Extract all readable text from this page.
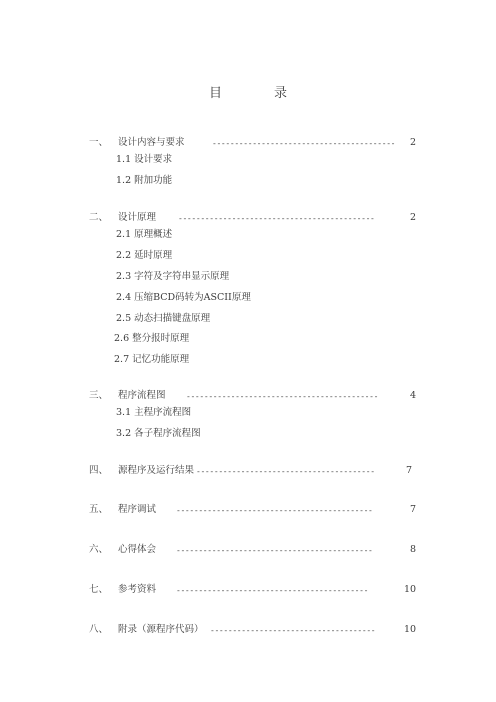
目	录
一、 设计内容与要求	-----------------------------------------	2
1.1 设计要求
1.2 附加功能
二、 设计原理	--------------------------------------------	2
2.1 原理概述
2.2 延时原理
2.3 字符及字符串显示原理
2.4 压缩BCD码转为ASCII原理
2.5 动态扫描键盘原理
2.6 整分报时原理
2.7 记忆功能原理
三、 程序流程图	-------------------------------------------	4
3.1 主程序流程图
3.2 各子程序流程图
四、 源程序及运行结果 ----------------------------------------	7
五、 程序调试 --------------------------------------------	7
六、 心得体会 --------------------------------------------	8
七、 参考资料 -------------------------------------------	10
八、 附录（源程序代码） -------------------------------------	10
